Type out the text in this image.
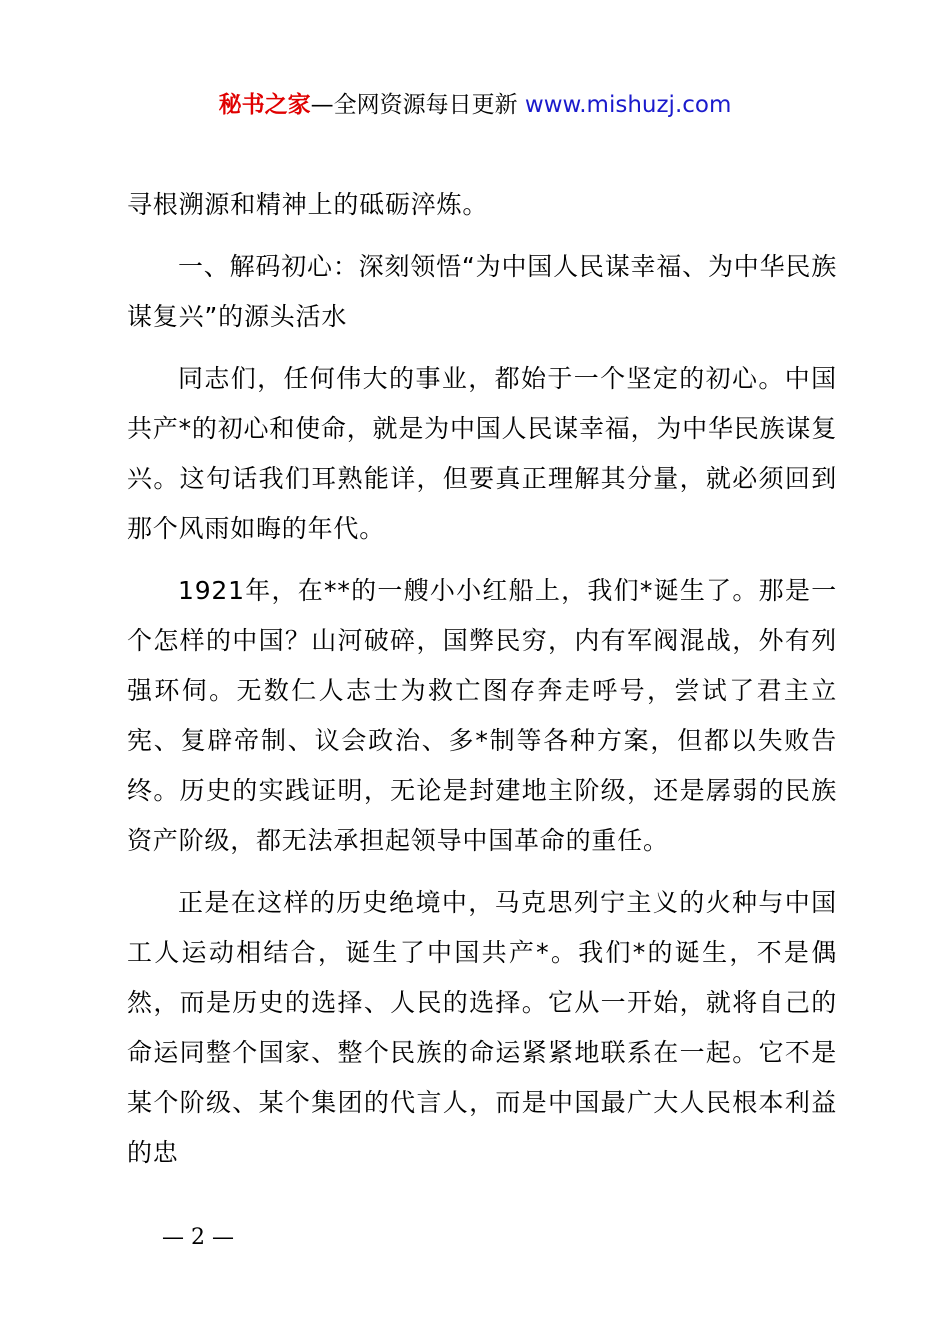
秘书之家—全网资源每日更新 www.mishuzj.com

寻根溯源和精神上的砥砺淬炼。

一、解码初心：深刻领悟“为中国人民谋幸福、为中华民族谋复兴”的源头活水

同志们，任何伟大的事业，都始于一个坚定的初心。中国共产*的初心和使命，就是为中国人民谋幸福，为中华民族谋复兴。这句话我们耳熟能详，但要真正理解其分量，就必须回到那个风雨如晦的年代。

1921年，在**的一艘小小红船上，我们*诞生了。那是一个怎样的中国？山河破碎，国弊民穷，内有军阀混战，外有列强环伺。无数仁人志士为救亡图存奔走呼号，尝试了君主立宪、复辟帝制、议会政治、多*制等各种方案，但都以失败告终。历史的实践证明，无论是封建地主阶级，还是孱弱的民族资产阶级，都无法承担起领导中国革命的重任。

正是在这样的历史绝境中，马克思列宁主义的火种与中国工人运动相结合，诞生了中国共产*。我们*的诞生，不是偶然，而是历史的选择、人民的选择。它从一开始，就将自己的命运同整个国家、整个民族的命运紧紧地联系在一起。它不是某个阶级、某个集团的代言人，而是中国最广大人民根本利益的忠

— 2 —
